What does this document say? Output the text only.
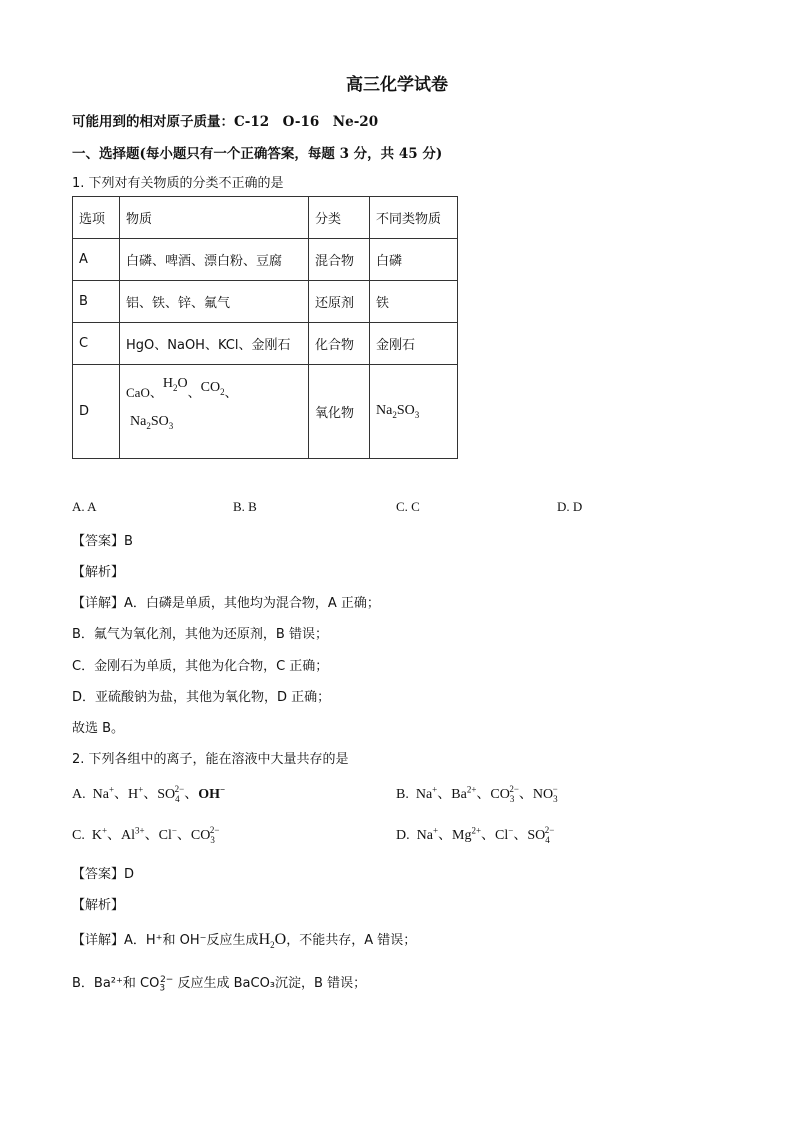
高三化学试卷
可能用到的相对原子质量：C-12　O-16　Ne-20
一、选择题(每小题只有一个正确答案，每题 3 分，共 45 分)
1. 下列对有关物质的分类不正确的是
选项	物质	分类	不同类物质
A	白磷、啤酒、漂白粉、豆腐	混合物	白磷
B	铝、铁、锌、氟气	还原剂	铁
C	HgO、NaOH、KCl、金刚石	化合物	金刚石
D	CaO、$H_2O$、$CO_2$、
$Na_2SO_3$	氧化物	$Na_2SO_3$
A. A	B. B	C. C	D. D
【答案】B
【解析】
【详解】A．白磷是单质，其他均为混合物，A 正确；
B．氟气为氧化剂，其他为还原剂，B 错误；
C．金刚石为单质，其他为化合物，C 正确；
D．亚硫酸钠为盐，其他为氧化物，D 正确；
故选 B。
2. 下列各组中的离子，能在溶液中大量共存的是
A.  Na+、H+、$SO_4^{2-}$、OH−	B.  Na+、$Ba^{2+}$、$CO_3^{2-}$、$NO_3^-$
C.  K+、$Al^{3+}$、Cl−、$CO_3^{2-}$	D.  Na+、$Mg^{2+}$、Cl−、$SO_4^{2-}$
【答案】D
【解析】
【详解】A．H⁺和 OH⁻反应生成$H_2O$，不能共存，A 错误；
B．Ba²⁺和 $CO_3^{2-}$ 反应生成 BaCO₃沉淀，B 错误；
